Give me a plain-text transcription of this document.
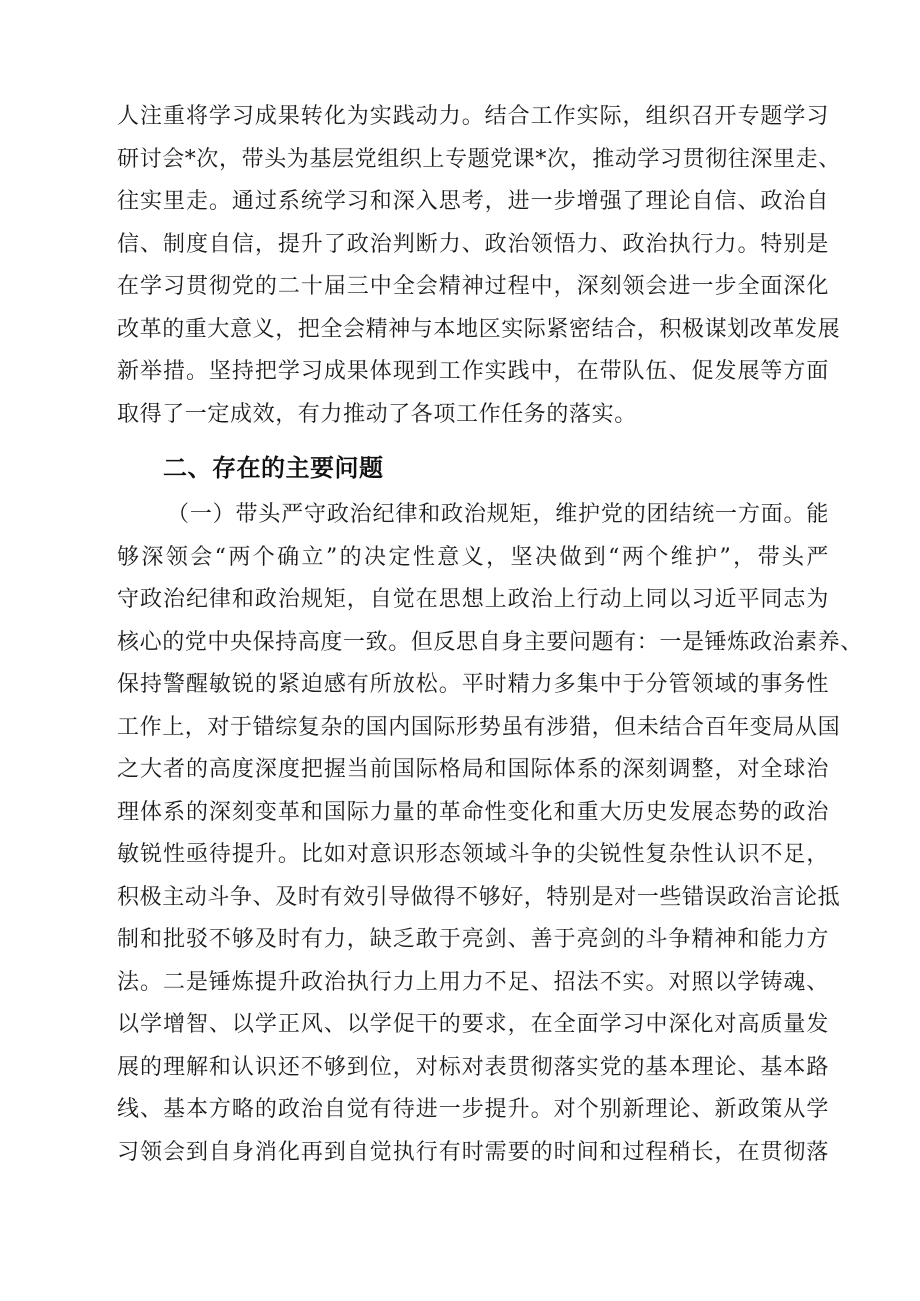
人注重将学习成果转化为实践动力。结合工作实际，组织召开专题学习
研讨会*次，带头为基层党组织上专题党课*次，推动学习贯彻往深里走、
往实里走。通过系统学习和深入思考，进一步增强了理论自信、政治自
信、制度自信，提升了政治判断力、政治领悟力、政治执行力。特别是
在学习贯彻党的二十届三中全会精神过程中，深刻领会进一步全面深化
改革的重大意义，把全会精神与本地区实际紧密结合，积极谋划改革发展
新举措。坚持把学习成果体现到工作实践中，在带队伍、促发展等方面
取得了一定成效，有力推动了各项工作任务的落实。
二、存在的主要问题
（一）带头严守政治纪律和政治规矩，维护党的团结统一方面。能
够深领会“两个确立”的决定性意义，坚决做到“两个维护”，带头严
守政治纪律和政治规矩，自觉在思想上政治上行动上同以习近平同志为
核心的党中央保持高度一致。但反思自身主要问题有：一是锤炼政治素养、
保持警醒敏锐的紧迫感有所放松。平时精力多集中于分管领域的事务性
工作上，对于错综复杂的国内国际形势虽有涉猎，但未结合百年变局从国
之大者的高度深度把握当前国际格局和国际体系的深刻调整，对全球治
理体系的深刻变革和国际力量的革命性变化和重大历史发展态势的政治
敏锐性亟待提升。比如对意识形态领域斗争的尖锐性复杂性认识不足，
积极主动斗争、及时有效引导做得不够好，特别是对一些错误政治言论抵
制和批驳不够及时有力，缺乏敢于亮剑、善于亮剑的斗争精神和能力方
法。二是锤炼提升政治执行力上用力不足、招法不实。对照以学铸魂、
以学增智、以学正风、以学促干的要求，在全面学习中深化对高质量发
展的理解和认识还不够到位，对标对表贯彻落实党的基本理论、基本路
线、基本方略的政治自觉有待进一步提升。对个别新理论、新政策从学
习领会到自身消化再到自觉执行有时需要的时间和过程稍长，在贯彻落
